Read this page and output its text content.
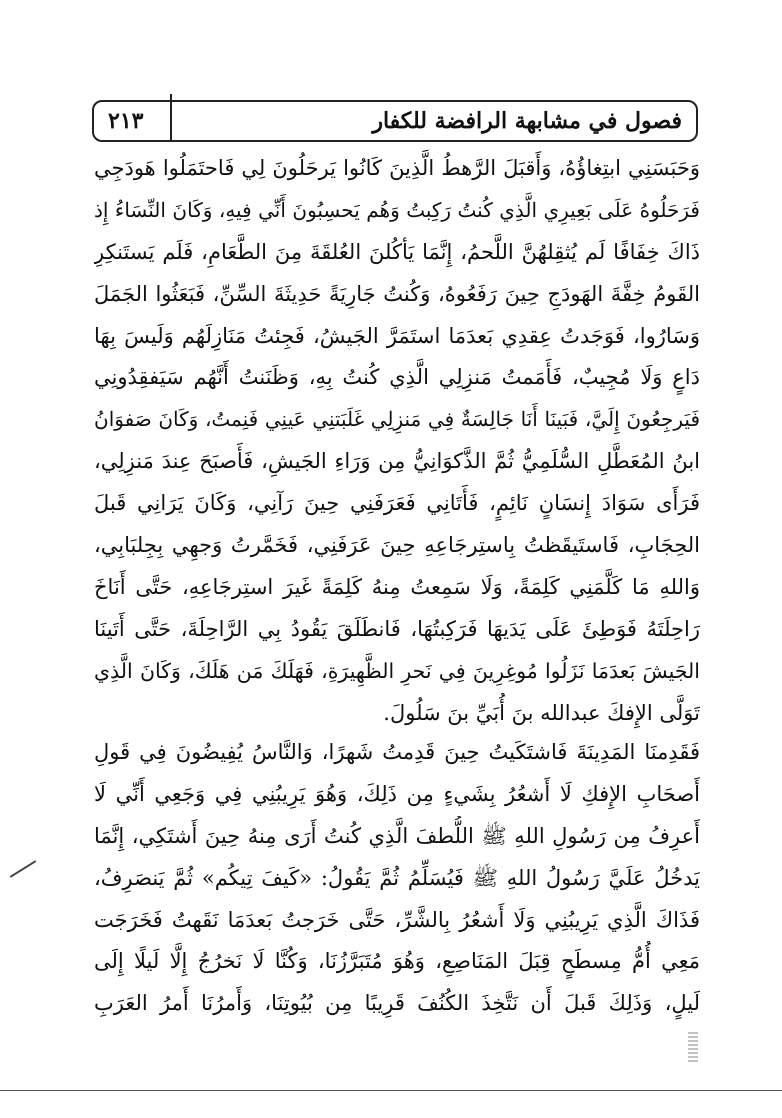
فصول في مشابهة الرافضة للكفار
٢١٣
وَحَبَسَنِي ابتِغاؤُهُ، وَأَقبَلَ الرَّهطُ الَّذِينَ كَانُوا يَرحَلُونَ لِي فَاحتَمَلُوا هَودَجِي
فَرَحَلُوهُ عَلَى بَعِيرِي الَّذِي كُنتُ رَكِبتُ وَهُم يَحسِبُونَ أَنِّي فِيهِ، وَكَانَ النِّسَاءُ إِذ
ذَاكَ خِفَافًا لَم يُثقِلهُنَّ اللَّحمُ، إِنَّمَا يَأكُلنَ العُلقَةَ مِنَ الطَّعَامِ، فَلَم يَستَنكِرِ
القَومُ خِفَّةَ الهَودَجِ حِينَ رَفَعُوهُ، وَكُنتُ جَارِيَةً حَدِيثَةَ السِّنِّ، فَبَعَثُوا الجَمَلَ
وَسَارُوا، فَوَجَدتُ عِقدِي بَعدَمَا استَمَرَّ الجَيشُ، فَجِئتُ مَنَازِلَهُم وَلَيسَ بِهَا
دَاعٍ وَلَا مُجِيبٌ، فَأَمَمتُ مَنزِلِي الَّذِي كُنتُ بِهِ، وَظَنَنتُ أَنَّهُم سَيَفقِدُونِي
فَيَرجِعُونَ إِلَيَّ، فَبَينَا أَنَا جَالِسَةٌ فِي مَنزِلِي غَلَبَتنِي عَينِي فَنِمتُ، وَكَانَ صَفوَانُ
ابنُ المُعَطَّلِ السُّلَمِيُّ ثُمَّ الذَّكوَانِيُّ مِن وَرَاءِ الجَيشِ، فَأَصبَحَ عِندَ مَنزِلِي،
فَرَأَى سَوَادَ إِنسَانٍ نَائِمٍ، فَأَتَانِي فَعَرَفَنِي حِينَ رَآنِي، وَكَانَ يَرَانِي قَبلَ
الحِجَابِ، فَاستَيقَظتُ بِاستِرجَاعِهِ حِينَ عَرَفَنِي، فَخَمَّرتُ وَجهِي بِجِلبَابِي،
وَاللهِ مَا كَلَّمَنِي كَلِمَةً، وَلَا سَمِعتُ مِنهُ كَلِمَةً غَيرَ استِرجَاعِهِ، حَتَّى أَنَاخَ
رَاحِلَتَهُ فَوَطِئَ عَلَى يَدَيهَا فَرَكِبتُهَا، فَانطَلَقَ يَقُودُ بِي الرَّاحِلَةَ، حَتَّى أَتَينَا
الجَيشَ بَعدَمَا نَزَلُوا مُوغِرِينَ فِي نَحرِ الظَّهِيرَةِ، فَهَلَكَ مَن هَلَكَ، وَكَانَ الَّذِي
تَوَلَّى الإِفكَ عبدالله بنَ أُبَيِّ بنَ سَلُولَ.
فَقَدِمنَا المَدِينَةَ فَاشتَكَيتُ حِينَ قَدِمتُ شَهرًا، وَالنَّاسُ يُفِيضُونَ فِي قَولِ
أَصحَابِ الإِفكِ لَا أَشعُرُ بِشَيءٍ مِن ذَلِكَ، وَهُوَ يَرِيبُنِي فِي وَجَعِي أَنِّي لَا
أَعرِفُ مِن رَسُولِ اللهِ ﷺ اللُّطفَ الَّذِي كُنتُ أَرَى مِنهُ حِينَ أَشتَكِي، إِنَّمَا
يَدخُلُ عَلَيَّ رَسُولُ اللهِ ﷺ فَيُسَلِّمُ ثُمَّ يَقُولُ: «كَيفَ تِيكُم» ثُمَّ يَنصَرِفُ،
فَذَاكَ الَّذِي يَرِيبُنِي وَلَا أَشعُرُ بِالشَّرِّ، حَتَّى خَرَجتُ بَعدَمَا نَقَهتُ فَخَرَجَت
مَعِي أُمُّ مِسطَحٍ قِبَلَ المَنَاصِعِ، وَهُوَ مُتَبَرَّزُنَا، وَكُنَّا لَا نَخرُجُ إِلَّا لَيلًا إِلَى
لَيلٍ، وَذَلِكَ قَبلَ أَن نَتَّخِذَ الكُنُفَ قَرِيبًا مِن بُيُوتِنَا، وَأَمرُنَا أَمرُ العَرَبِ
